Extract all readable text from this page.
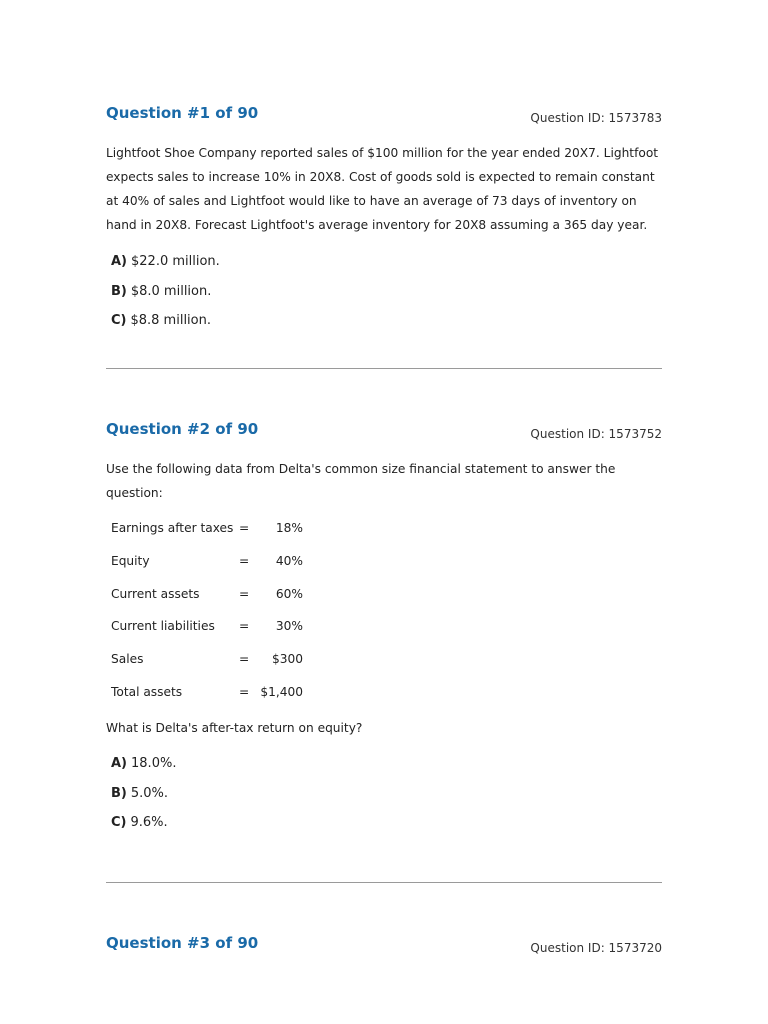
Question #1 of 90	Question ID: 1573783

Lightfoot Shoe Company reported sales of $100 million for the year ended 20X7. Lightfoot expects sales to increase 10% in 20X8. Cost of goods sold is expected to remain constant at 40% of sales and Lightfoot would like to have an average of 73 days of inventory on hand in 20X8. Forecast Lightfoot's average inventory for 20X8 assuming a 365 day year.

A) $22.0 million.
B) $8.0 million.
C) $8.8 million.
Question #2 of 90	Question ID: 1573752

Use the following data from Delta's common size financial statement to answer the question:

Earnings after taxes	=	18%
Equity	=	40%
Current assets	=	60%
Current liabilities	=	30%
Sales	=	$300
Total assets	=	$1,400

What is Delta's after-tax return on equity?

A) 18.0%.
B) 5.0%.
C) 9.6%.
Question #3 of 90	Question ID: 1573720
